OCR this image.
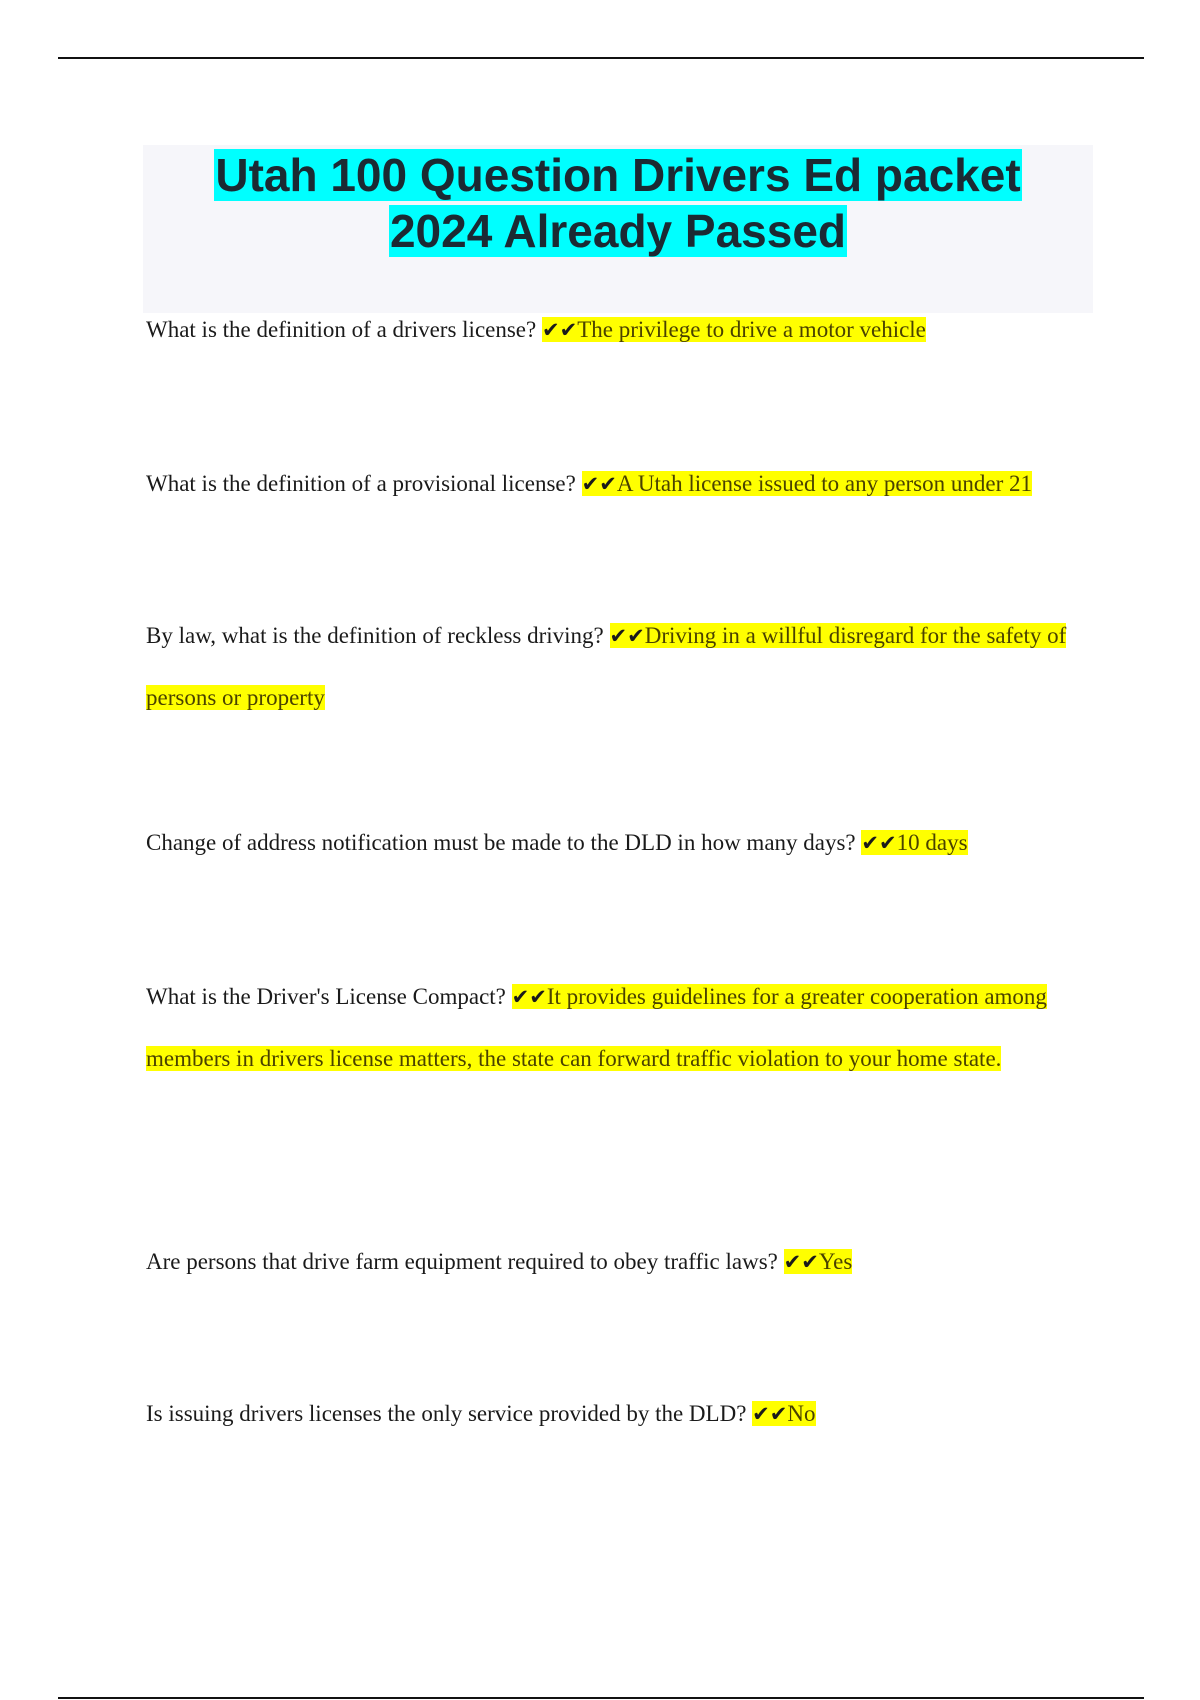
Utah 100 Question Drivers Ed packet
2024 Already Passed

What is the definition of a drivers license? ✔✔The privilege to drive a motor vehicle

What is the definition of a provisional license? ✔✔A Utah license issued to any person under 21

By law, what is the definition of reckless driving? ✔✔Driving in a willful disregard for the safety of persons or property

Change of address notification must be made to the DLD in how many days? ✔✔10 days

What is the Driver's License Compact? ✔✔It provides guidelines for a greater cooperation among members in drivers license matters, the state can forward traffic violation to your home state.

Are persons that drive farm equipment required to obey traffic laws? ✔✔Yes

Is issuing drivers licenses the only service provided by the DLD? ✔✔No
